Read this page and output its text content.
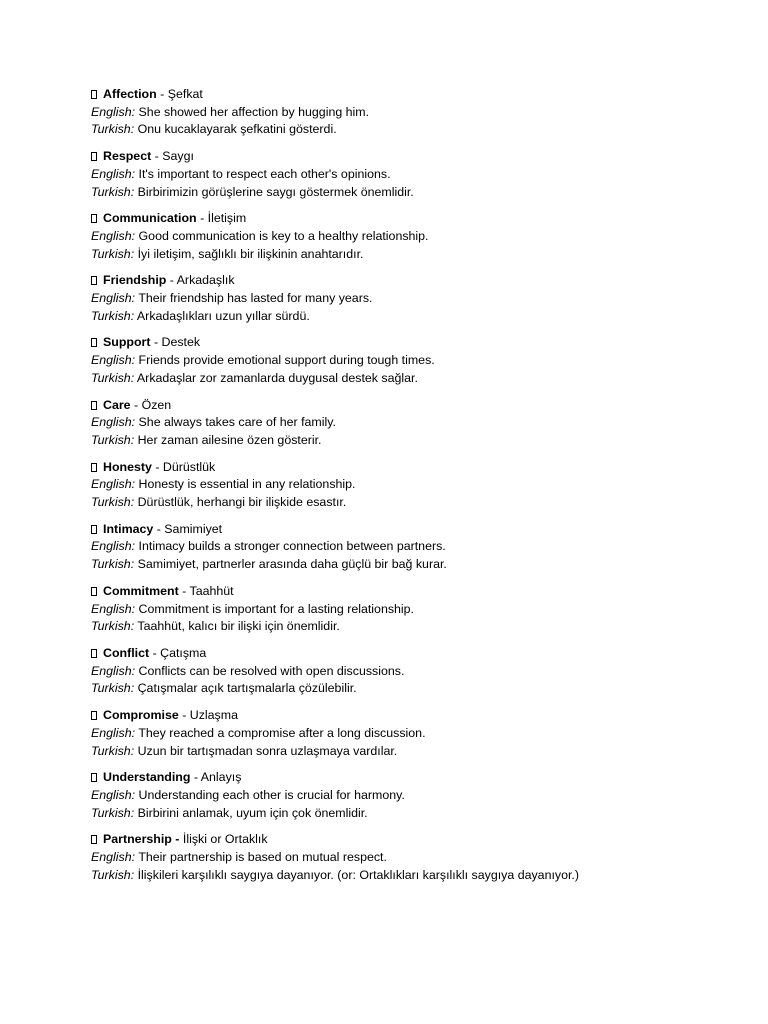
Affection - Şefkat
English: She showed her affection by hugging him.
Turkish: Onu kucaklayarak şefkatini gösterdi.
Respect - Saygı
English: It's important to respect each other's opinions.
Turkish: Birbirimizin görüşlerine saygı göstermek önemlidir.
Communication - İletişim
English: Good communication is key to a healthy relationship.
Turkish: İyi iletişim, sağlıklı bir ilişkinin anahtarıdır.
Friendship - Arkadaşlık
English: Their friendship has lasted for many years.
Turkish: Arkadaşlıkları uzun yıllar sürdü.
Support - Destek
English: Friends provide emotional support during tough times.
Turkish: Arkadaşlar zor zamanlarda duygusal destek sağlar.
Care - Özen
English: She always takes care of her family.
Turkish: Her zaman ailesine özen gösterir.
Honesty - Dürüstlük
English: Honesty is essential in any relationship.
Turkish: Dürüstlük, herhangi bir ilişkide esastır.
Intimacy - Samimiyet
English: Intimacy builds a stronger connection between partners.
Turkish: Samimiyet, partnerler arasında daha güçlü bir bağ kurar.
Commitment - Taahhüt
English: Commitment is important for a lasting relationship.
Turkish: Taahhüt, kalıcı bir ilişki için önemlidir.
Conflict - Çatışma
English: Conflicts can be resolved with open discussions.
Turkish: Çatışmalar açık tartışmalarla çözülebilir.
Compromise - Uzlaşma
English: They reached a compromise after a long discussion.
Turkish: Uzun bir tartışmadan sonra uzlaşmaya vardılar.
Understanding - Anlayış
English: Understanding each other is crucial for harmony.
Turkish: Birbirini anlamak, uyum için çok önemlidir.
Partnership - İlişki or Ortaklık
English: Their partnership is based on mutual respect.
Turkish: İlişkileri karşılıklı saygıya dayanıyor. (or: Ortaklıkları karşılıklı saygıya dayanıyor.)
